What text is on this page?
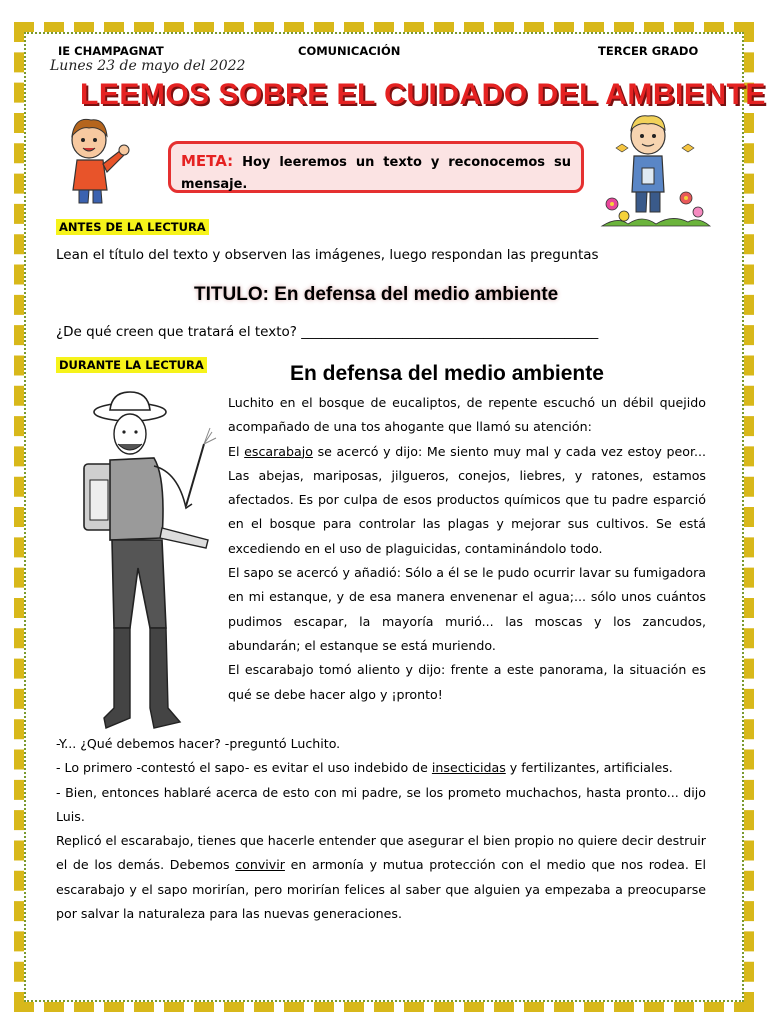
IE CHAMPAGNAT	COMUNICACIÓN	TERCER GRADO
Lunes 23 de mayo del 2022
LEEMOS SOBRE EL CUIDADO DEL AMBIENTE
META: Hoy leeremos un texto y reconocemos su mensaje.
ANTES DE LA LECTURA
Lean el título del texto y observen las imágenes, luego respondan las preguntas
TITULO: En defensa del medio ambiente
¿De qué creen que tratará el texto? ____________________________________________
DURANTE LA LECTURA	En defensa del medio ambiente

Luchito en el bosque de eucaliptos, de repente escuchó un débil quejido acompañado de una tos ahogante que llamó su atención:

El escarabajo se acercó y dijo: Me siento muy mal y cada vez estoy peor... Las abejas, mariposas, jilgueros, conejos, liebres, y ratones, estamos afectados. Es por culpa de esos productos químicos que tu padre esparció en el bosque para controlar las plagas y mejorar sus cultivos. Se está excediendo en el uso de plaguicidas, contaminándolo todo.

El sapo se acercó y añadió: Sólo a él se le pudo ocurrir lavar su fumigadora en mi estanque, y de esa manera envenenar el agua;... sólo unos cuántos pudimos escapar, la mayoría murió... las moscas y los zancudos, abundarán; el estanque se está muriendo.

El escarabajo tomó aliento y dijo: frente a este panorama, la situación es qué se debe hacer algo y ¡pronto!

-Y... ¿Qué debemos hacer? -preguntó Luchito.

- Lo primero -contestó el sapo- es evitar el uso indebido de insecticidas y fertilizantes, artificiales.

- Bien, entonces hablaré acerca de esto con mi padre, se los prometo muchachos, hasta pronto... dijo Luis.

Replicó el escarabajo, tienes que hacerle entender que asegurar el bien propio no quiere decir destruir el de los demás. Debemos convivir en armonía y mutua protección con el medio que nos rodea. El escarabajo y el sapo morirían, pero morirían felices al saber que alguien ya empezaba a preocuparse por salvar la naturaleza para las nuevas generaciones.
